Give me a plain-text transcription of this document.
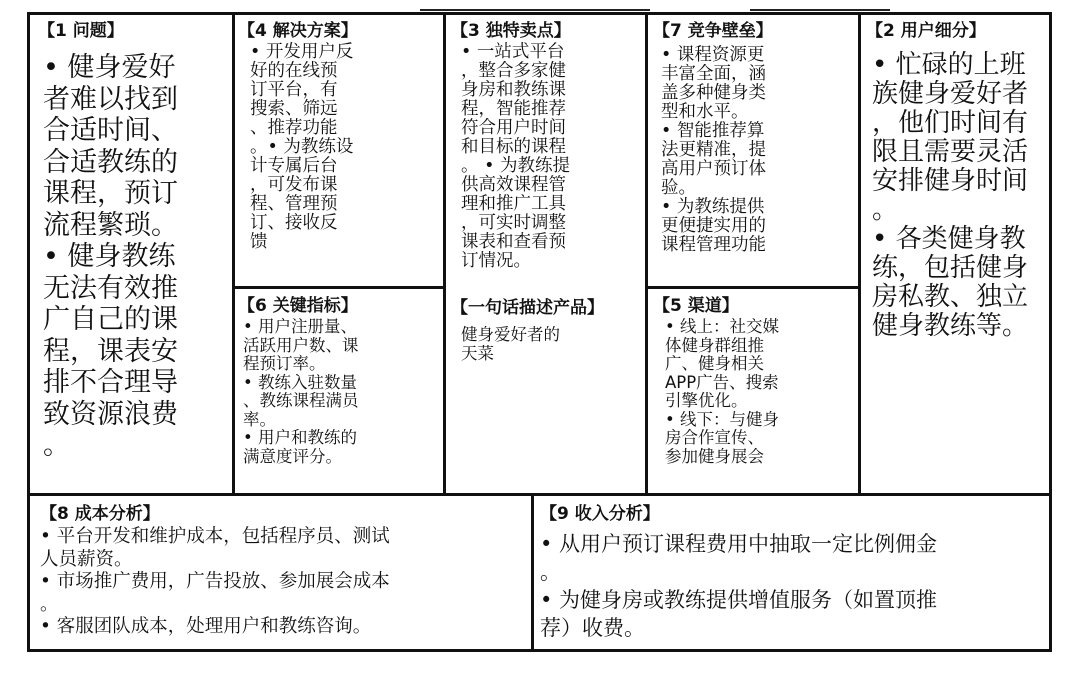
【1 问题】
• 健身爱好
者难以找到
合适时间、
合适教练的
课程，预订
流程繁琐。
• 健身教练
无法有效推
广自己的课
程，课表安
排不合理导
致资源浪费
。
【4 解决方案】
• 开发用户反
好的在线预
订平台，有
搜索、筛远
、推荐功能
。• 为教练设
计专属后台
，可发布课
程、管理预
订、接收反
馈
【6 关键指标】
• 用户注册量、
活跃用户数、课
程预订率。
• 教练入驻数量
、教练课程满员
率。
• 用户和教练的
满意度评分。
【3 独特卖点】
• 一站式平台
，整合多家健
身房和教练课
程，智能推荐
符合用户时间
和目标的课程
。 • 为教练提
供高效课程管
理和推广工具
，可实时调整
课表和查看预
订情况。
【一句话描述产品】
健身爱好者的
天菜
【7 竞争壁垒】
• 课程资源更
丰富全面，涵
盖多种健身类
型和水平。
• 智能推荐算
法更精准，提
高用户预订体
验。
• 为教练提供
更便捷实用的
课程管理功能
【5 渠道】
• 线上：社交媒
体健身群组推
广、健身相关
APP广告、搜索
引擎优化。
• 线下：与健身
房合作宣传、
参加健身展会
【2 用户细分】
• 忙碌的上班
族健身爱好者
，他们时间有
限且需要灵活
安排健身时间
。
• 各类健身教
练，包括健身
房私教、独立
健身教练等。
【8 成本分析】
• 平台开发和维护成本，包括程序员、测试
人员薪资。
• 市场推广费用，广告投放、参加展会成本
。
• 客服团队成本，处理用户和教练咨询。
【9 收入分析】
• 从用户预订课程费用中抽取一定比例佣金
。
• 为健身房或教练提供增值服务（如置顶推
荐）收费。
